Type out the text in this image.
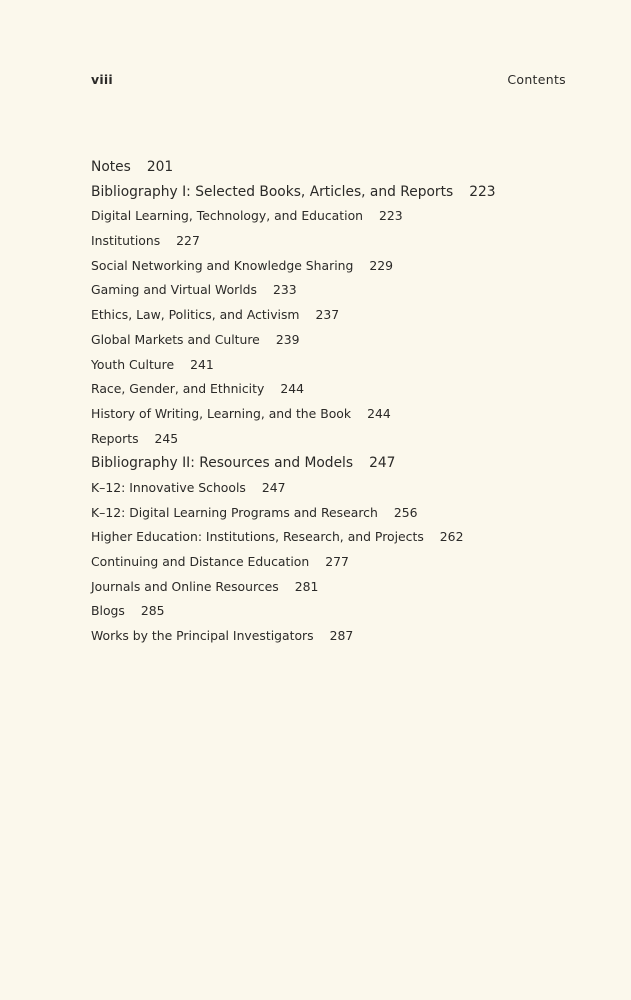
viii	Contents
Notes 201
Bibliography I: Selected Books, Articles, and Reports 223
Digital Learning, Technology, and Education 223
Institutions 227
Social Networking and Knowledge Sharing 229
Gaming and Virtual Worlds 233
Ethics, Law, Politics, and Activism 237
Global Markets and Culture 239
Youth Culture 241
Race, Gender, and Ethnicity 244
History of Writing, Learning, and the Book 244
Reports 245
Bibliography II: Resources and Models 247
K–12: Innovative Schools 247
K–12: Digital Learning Programs and Research 256
Higher Education: Institutions, Research, and Projects 262
Continuing and Distance Education 277
Journals and Online Resources 281
Blogs 285
Works by the Principal Investigators 287
